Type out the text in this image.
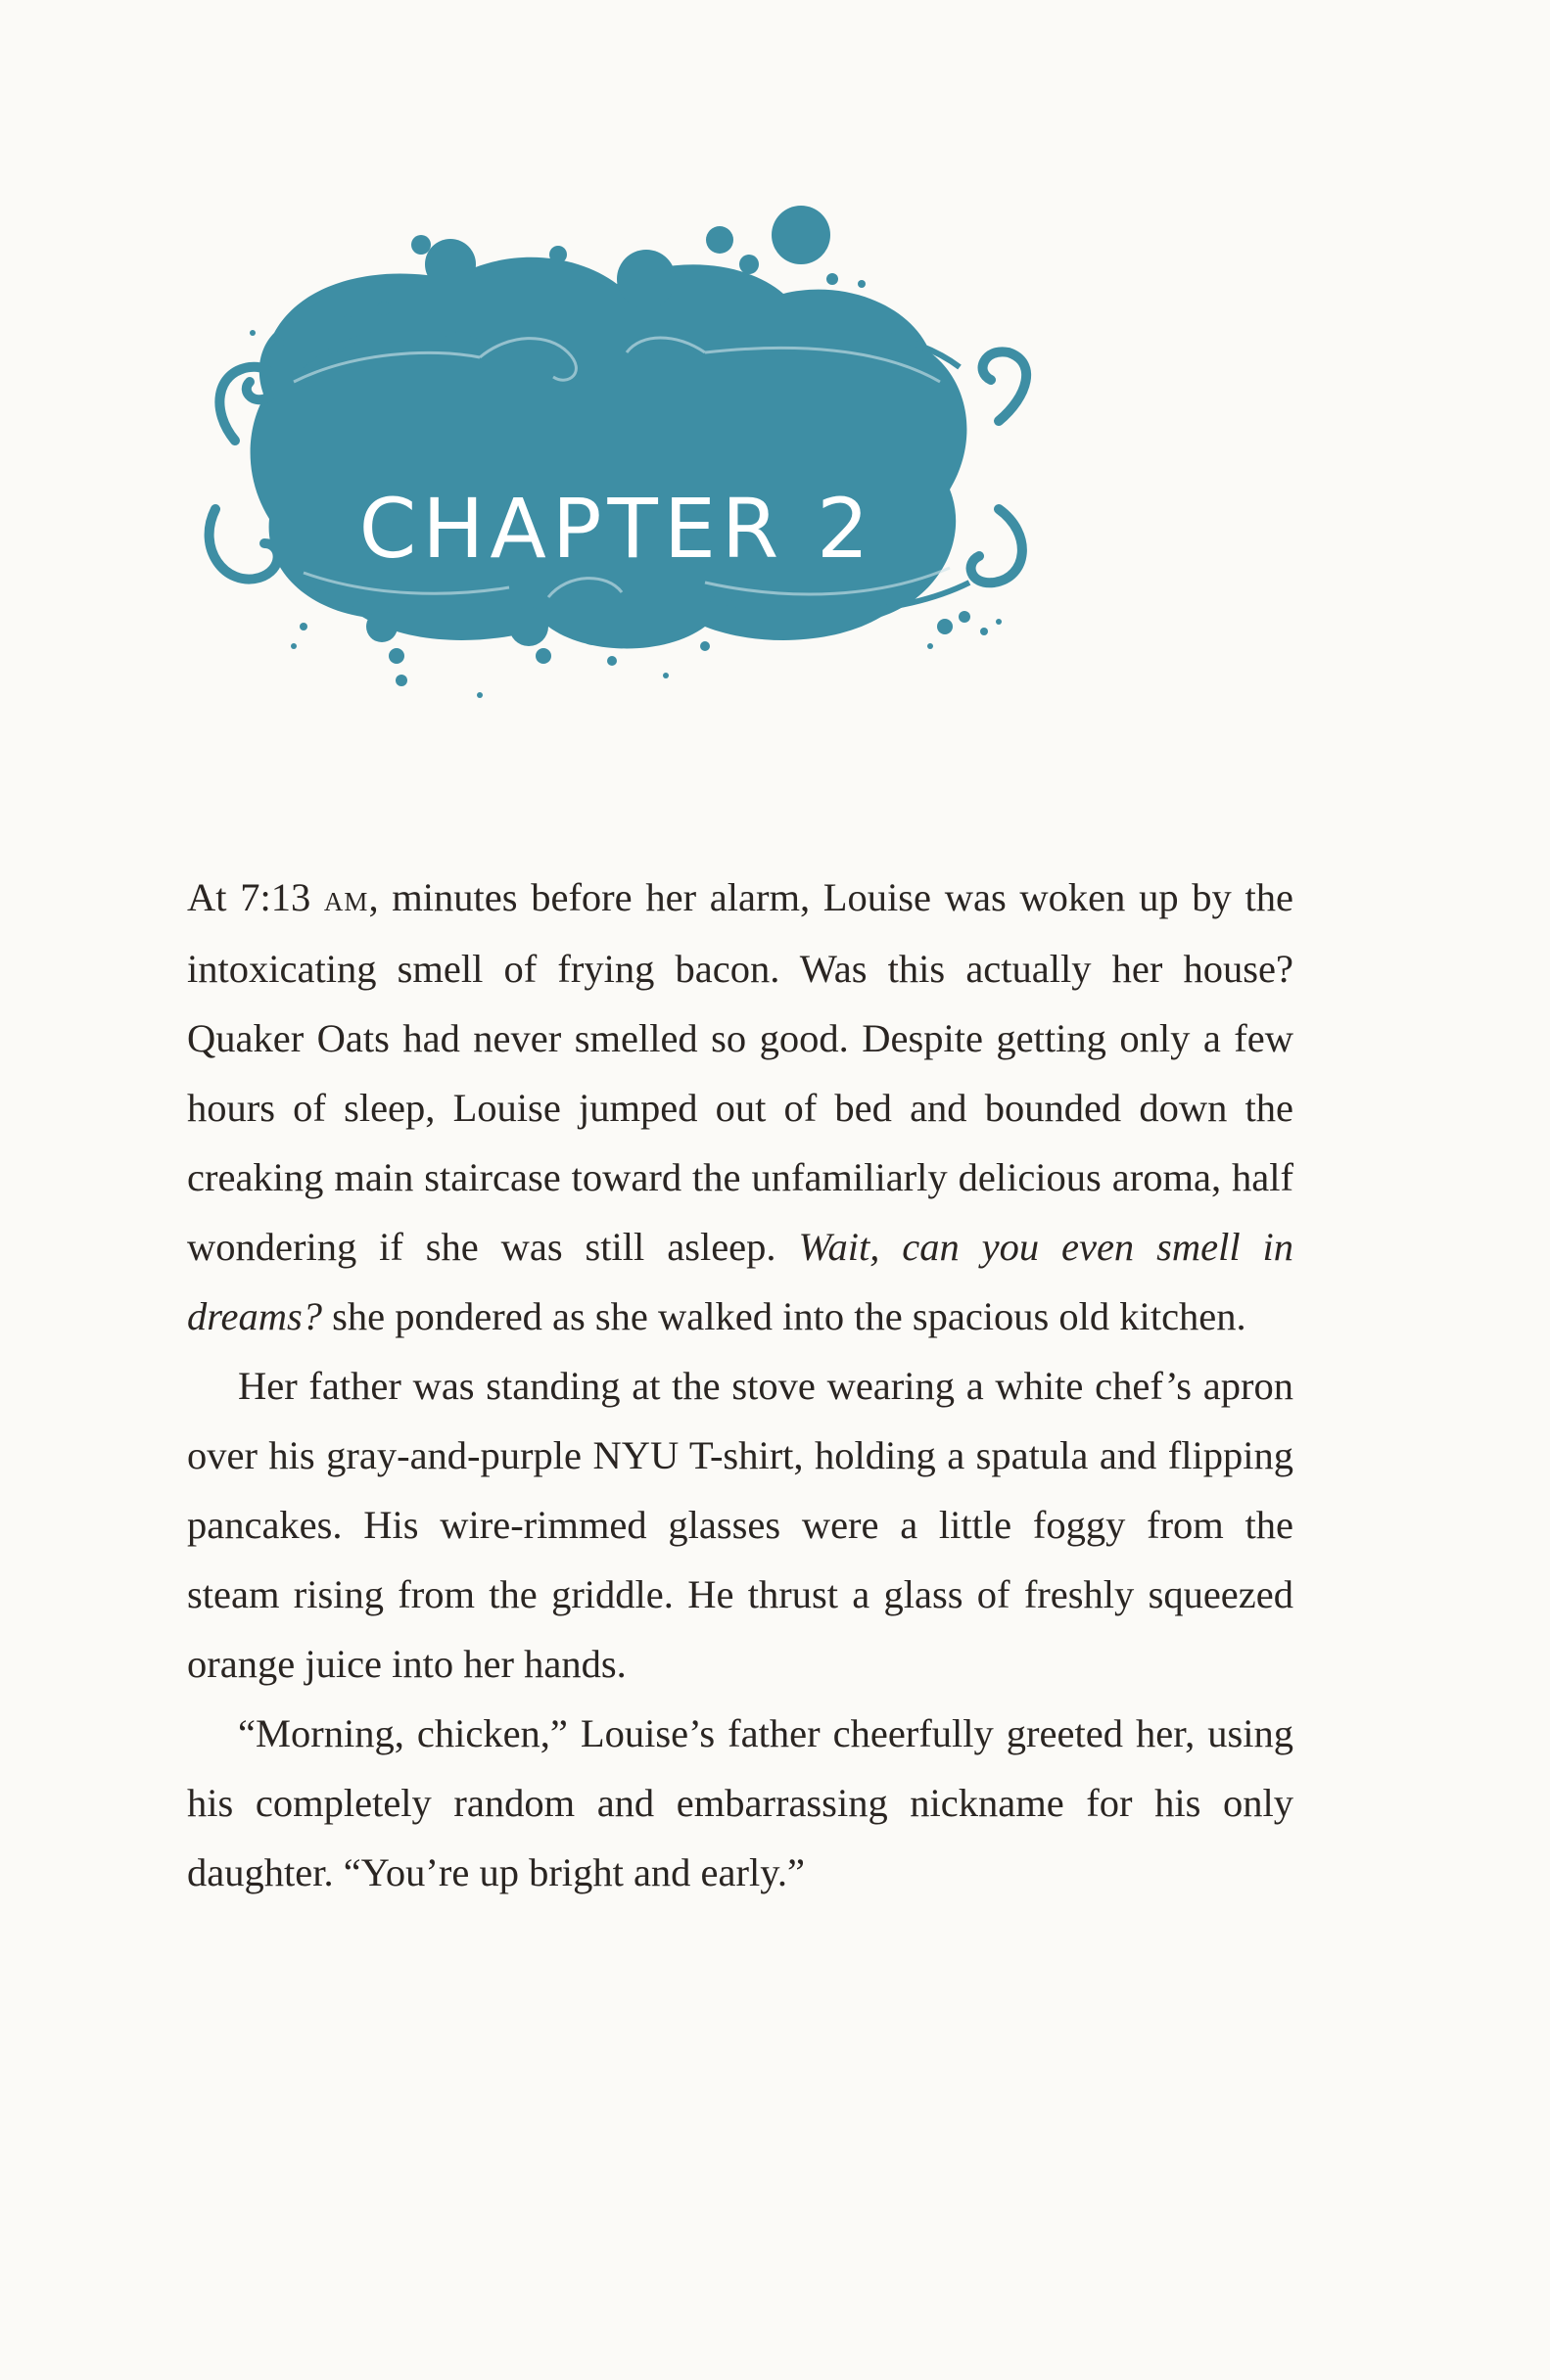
CHAPTER 2

At 7:13 am, minutes before her alarm, Louise was woken up by the intoxicating smell of frying bacon. Was this actually her house? Quaker Oats had never smelled so good. Despite getting only a few hours of sleep, Louise jumped out of bed and bounded down the creaking main staircase toward the unfamiliarly delicious aroma, half wondering if she was still asleep. Wait, can you even smell in dreams? she pondered as she walked into the spacious old kitchen.

Her father was standing at the stove wearing a white chef’s apron over his gray-and-purple NYU T-shirt, holding a spatula and flipping pancakes. His wire-rimmed glasses were a little foggy from the steam rising from the griddle. He thrust a glass of freshly squeezed orange juice into her hands.

“Morning, chicken,” Louise’s father cheerfully greeted her, using his completely random and embarrassing nickname for his only daughter. “You’re up bright and early.”
